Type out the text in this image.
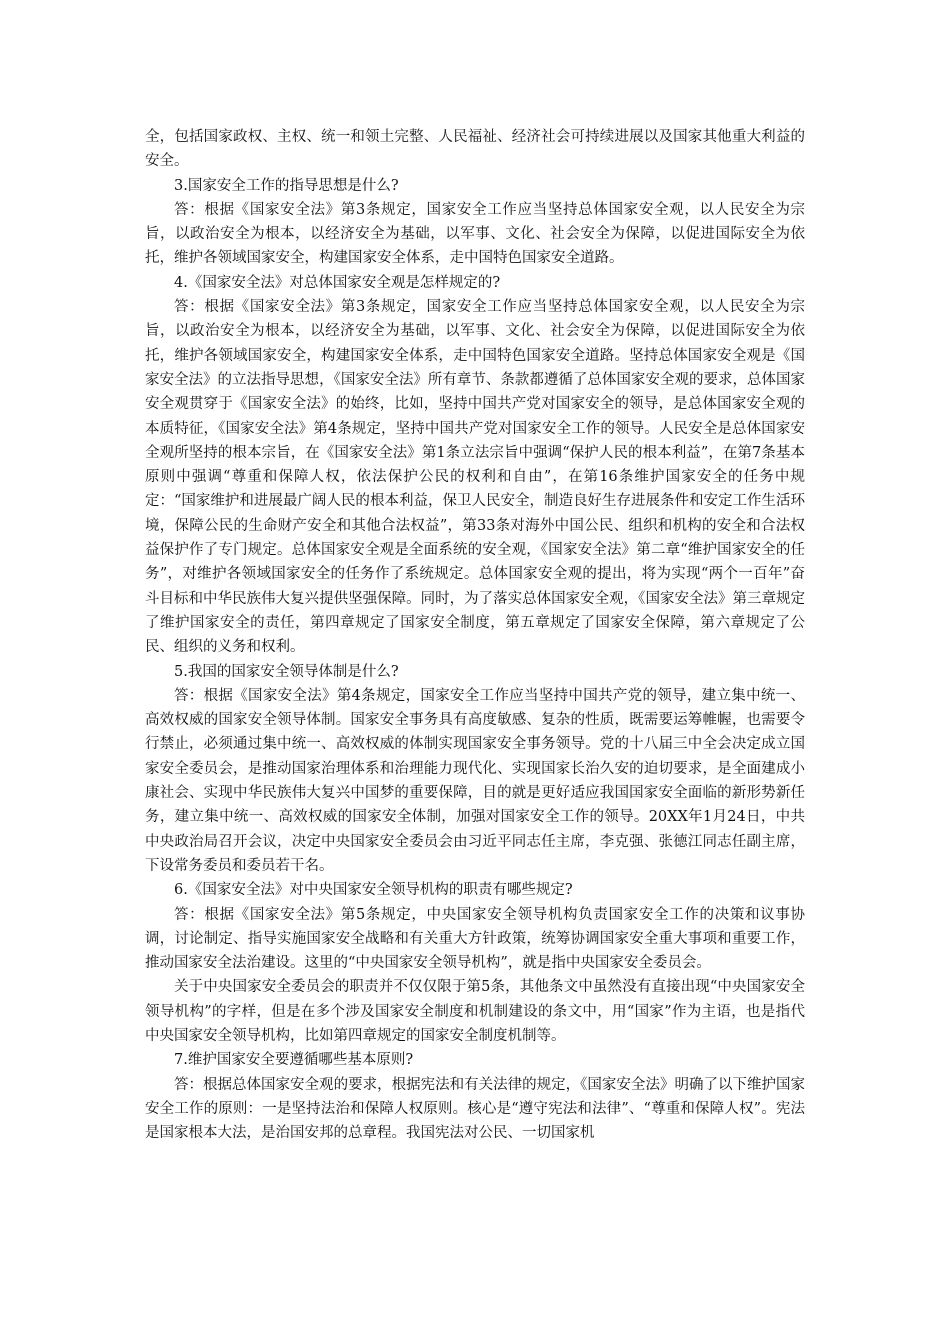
全，包括国家政权、主权、统一和领土完整、人民福祉、经济社会可持续进展以及国家其他重大利益的安全。

3.国家安全工作的指导思想是什么?

答：根据《国家安全法》第3条规定，国家安全工作应当坚持总体国家安全观，以人民安全为宗旨，以政治安全为根本，以经济安全为基础，以军事、文化、社会安全为保障，以促进国际安全为依托，维护各领域国家安全，构建国家安全体系，走中国特色国家安全道路。

4.《国家安全法》对总体国家安全观是怎样规定的?

答：根据《国家安全法》第3条规定，国家安全工作应当坚持总体国家安全观，以人民安全为宗旨，以政治安全为根本，以经济安全为基础，以军事、文化、社会安全为保障，以促进国际安全为依托，维护各领域国家安全，构建国家安全体系，走中国特色国家安全道路。坚持总体国家安全观是《国家安全法》的立法指导思想，《国家安全法》所有章节、条款都遵循了总体国家安全观的要求，总体国家安全观贯穿于《国家安全法》的始终，比如，坚持中国共产党对国家安全的领导，是总体国家安全观的本质特征，《国家安全法》第4条规定，坚持中国共产党对国家安全工作的领导。人民安全是总体国家安全观所坚持的根本宗旨，在《国家安全法》第1条立法宗旨中强调“保护人民的根本利益”，在第7条基本原则中强调“尊重和保障人权，依法保护公民的权利和自由”，在第16条维护国家安全的任务中规定：“国家维护和进展最广阔人民的根本利益，保卫人民安全，制造良好生存进展条件和安定工作生活环境，保障公民的生命财产安全和其他合法权益”，第33条对海外中国公民、组织和机构的安全和合法权益保护作了专门规定。总体国家安全观是全面系统的安全观，《国家安全法》第二章“维护国家安全的任务”，对维护各领域国家安全的任务作了系统规定。总体国家安全观的提出，将为实现“两个一百年”奋斗目标和中华民族伟大复兴提供坚强保障。同时，为了落实总体国家安全观，《国家安全法》第三章规定了维护国家安全的责任，第四章规定了国家安全制度，第五章规定了国家安全保障，第六章规定了公民、组织的义务和权利。

5.我国的国家安全领导体制是什么?

答：根据《国家安全法》第4条规定，国家安全工作应当坚持中国共产党的领导，建立集中统一、高效权威的国家安全领导体制。国家安全事务具有高度敏感、复杂的性质，既需要运筹帷幄，也需要令行禁止，必须通过集中统一、高效权威的体制实现国家安全事务领导。党的十八届三中全会决定成立国家安全委员会，是推动国家治理体系和治理能力现代化、实现国家长治久安的迫切要求，是全面建成小康社会、实现中华民族伟大复兴中国梦的重要保障，目的就是更好适应我国国家安全面临的新形势新任务，建立集中统一、高效权威的国家安全体制，加强对国家安全工作的领导。20XX年1月24日，中共中央政治局召开会议，决定中央国家安全委员会由习近平同志任主席，李克强、张德江同志任副主席，下设常务委员和委员若干名。

6.《国家安全法》对中央国家安全领导机构的职责有哪些规定?

答：根据《国家安全法》第5条规定，中央国家安全领导机构负责国家安全工作的决策和议事协调，讨论制定、指导实施国家安全战略和有关重大方针政策，统筹协调国家安全重大事项和重要工作，推动国家安全法治建设。这里的“中央国家安全领导机构”，就是指中央国家安全委员会。

关于中央国家安全委员会的职责并不仅仅限于第5条，其他条文中虽然没有直接出现“中央国家安全领导机构”的字样，但是在多个涉及国家安全制度和机制建设的条文中，用“国家”作为主语，也是指代中央国家安全领导机构，比如第四章规定的国家安全制度机制等。

7.维护国家安全要遵循哪些基本原则?

答：根据总体国家安全观的要求，根据宪法和有关法律的规定，《国家安全法》明确了以下维护国家安全工作的原则：一是坚持法治和保障人权原则。核心是“遵守宪法和法律”、“尊重和保障人权”。宪法是国家根本大法，是治国安邦的总章程。我国宪法对公民、一切国家机
